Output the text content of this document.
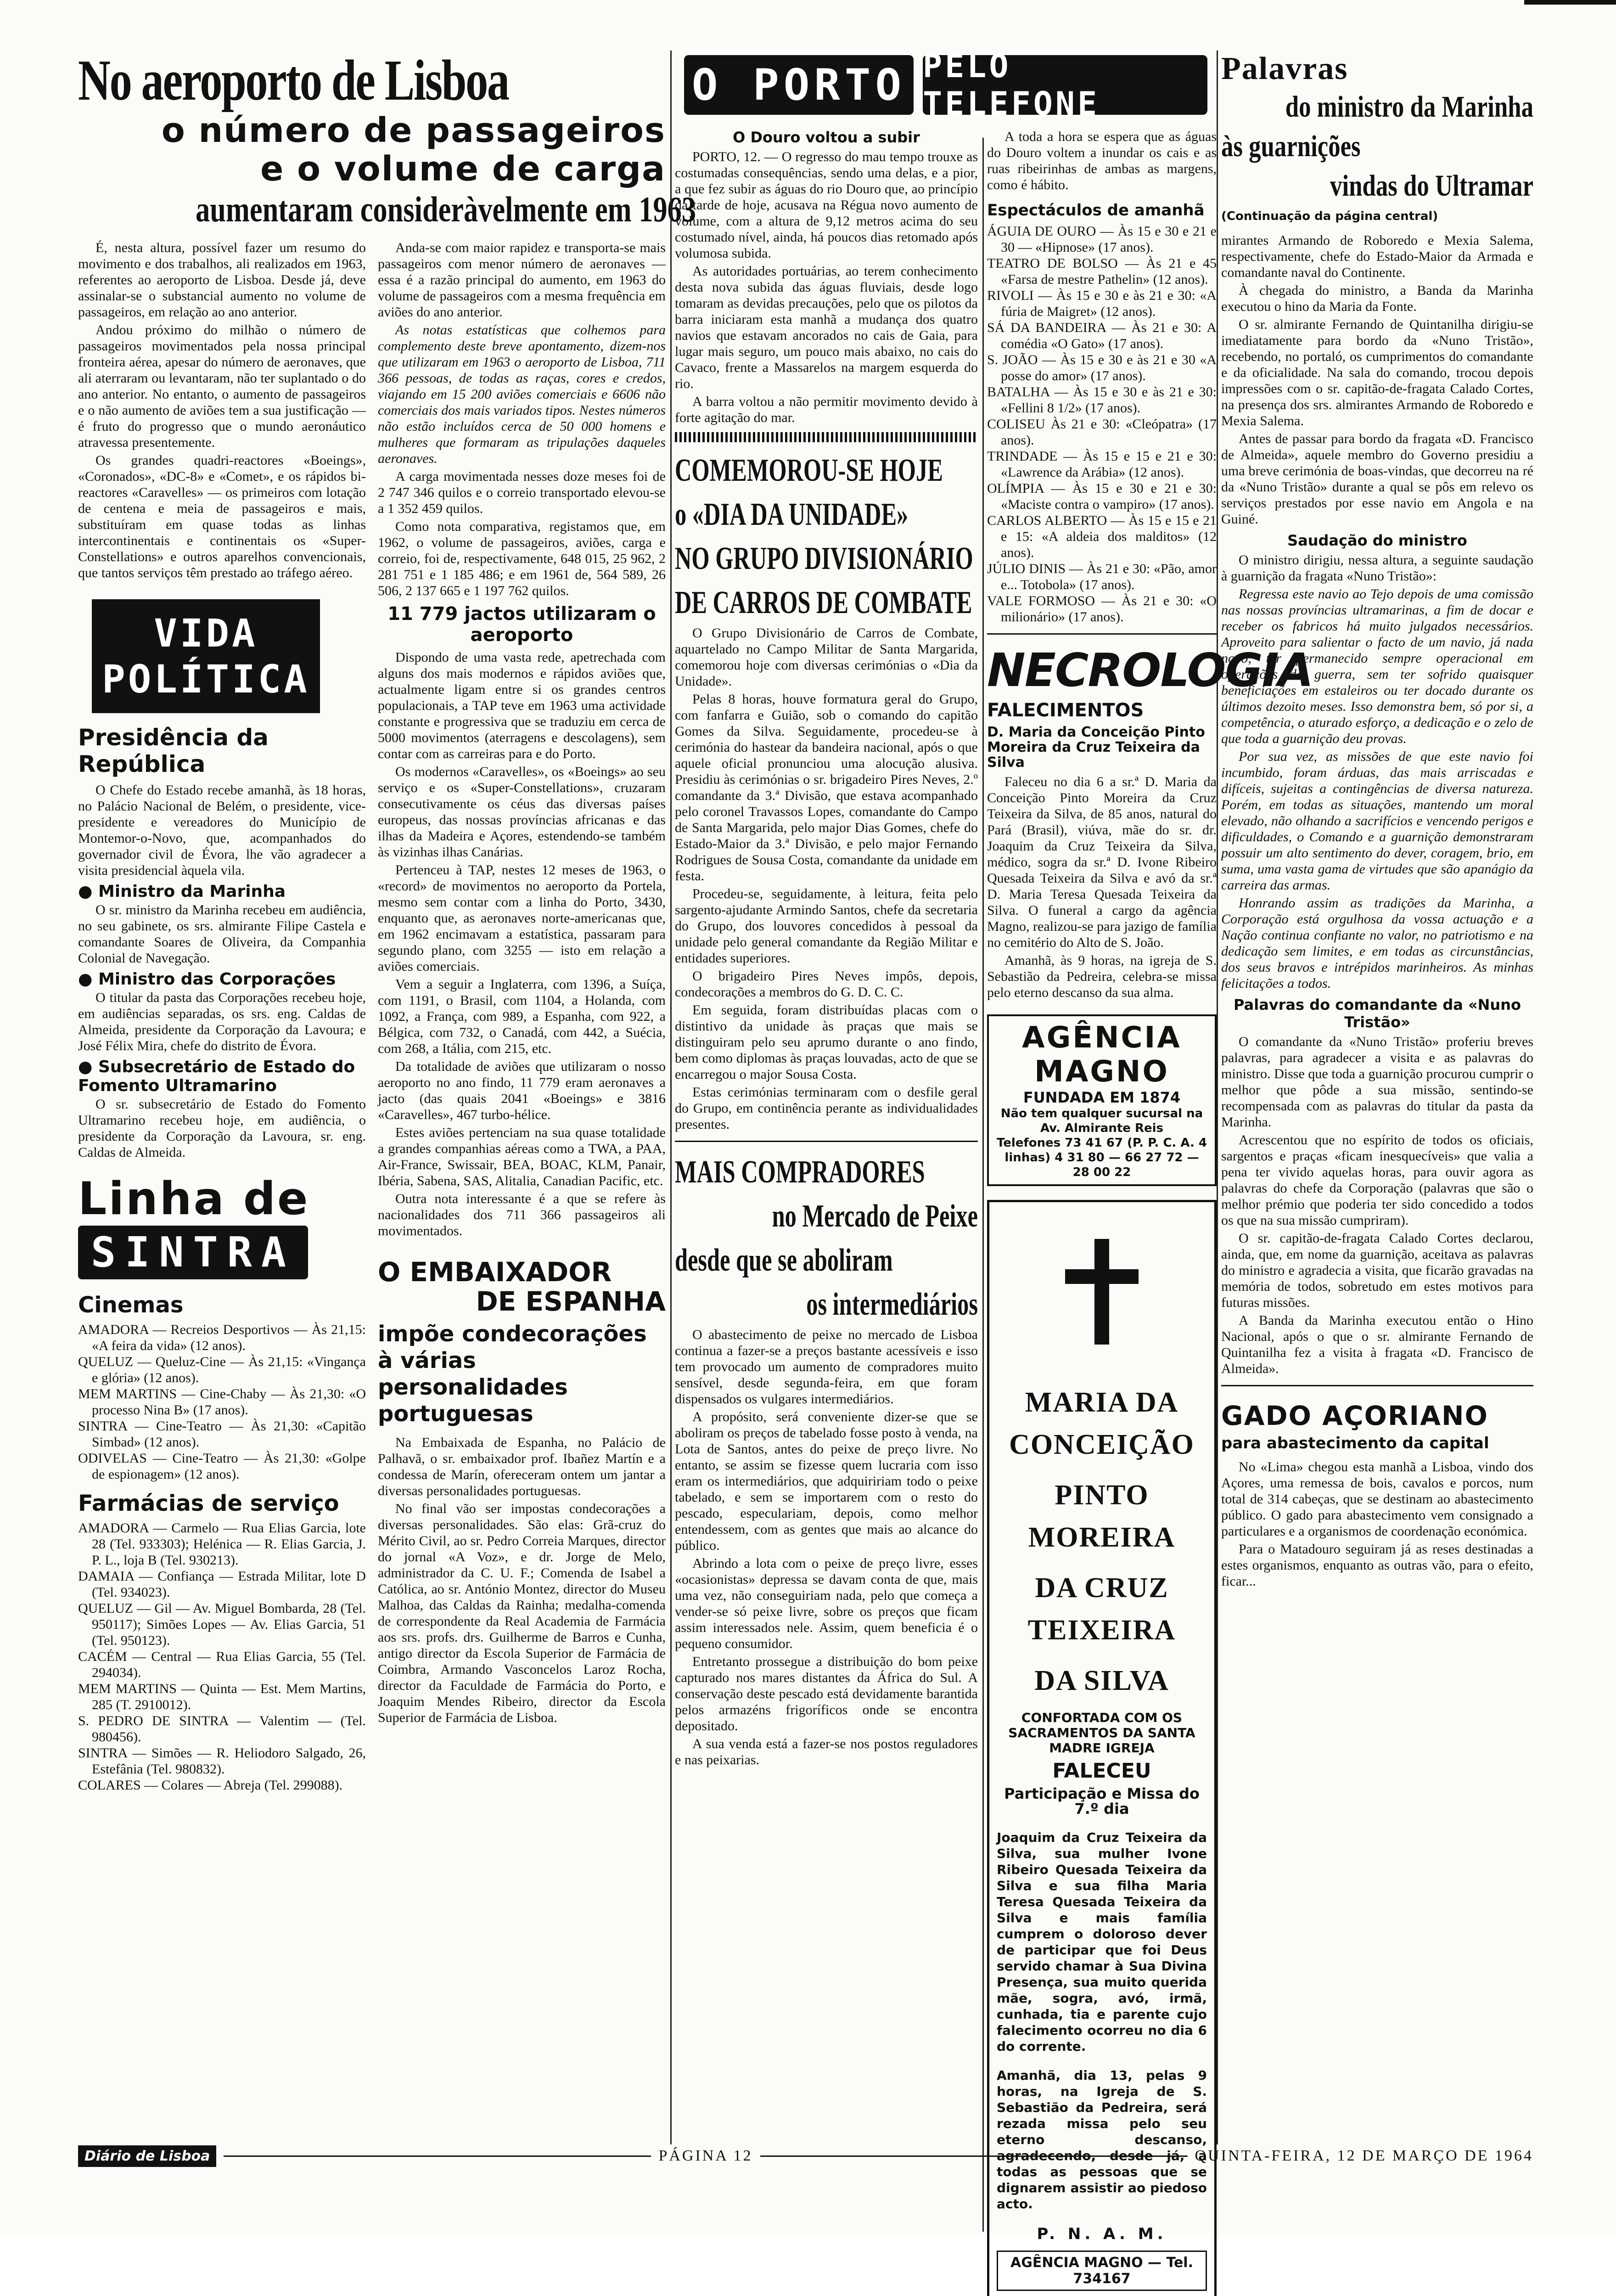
No aeroporto de Lisboa

o número de passageiros

e o volume de carga

aumentaram consideràvelmente em 1963

É, nesta altura, possível fazer um resumo do movimento e dos trabalhos, ali realizados em 1963, referentes ao aeroporto de Lisboa. Desde já, deve assinalar-se o substancial aumento no volume de passageiros, em relação ao ano anterior.

Andou próximo do milhão o número de passageiros movimentados pela nossa principal fronteira aérea, apesar do número de aeronaves, que ali aterraram ou levantaram, não ter suplantado o do ano anterior. No entanto, o aumento de passageiros e o não aumento de aviões tem a sua justificação — é fruto do progresso que o mundo aeronáutico atravessa presentemente.

Os grandes quadri-reactores «Boeings», «Coronados», «DC-8» e «Comet», e os rápidos bi-reactores «Caravelles» — os primeiros com lotação de centena e meia de passageiros e mais, substituíram em quase todas as linhas intercontinentais e continentais os «Super-Constellations» e outros aparelhos convencionais, que tantos serviços têm prestado ao tráfego aéreo.

VIDA
POLÍTICA
Presidência da República

O Chefe do Estado recebe amanhã, às 18 horas, no Palácio Nacional de Belém, o presidente, vice-presidente e vereadores do Município de Montemor-o-Novo, que, acompanhados do governador civil de Évora, lhe vão agradecer a visita presidencial àquela vila.

● Ministro da Marinha

O sr. ministro da Marinha recebeu em audiência, no seu gabinete, os srs. almirante Filipe Castela e comandante Soares de Oliveira, da Companhia Colonial de Navegação.

● Ministro das Corporações

O titular da pasta das Corporações recebeu hoje, em audiências separadas, os srs. eng. Caldas de Almeida, presidente da Corporação da Lavoura; e José Félix Mira, chefe do distrito de Évora.

● Subsecretário de Estado do Fomento Ultramarino

O sr. subsecretário de Estado do Fomento Ultramarino recebeu hoje, em audiência, o presidente da Corporação da Lavoura, sr. eng. Caldas de Almeida.

Linha de
SINTRA
Cinemas

AMADORA — Recreios Desportivos — Às 21,15: «A feira da vida» (12 anos).

QUELUZ — Queluz-Cine — Às 21,15: «Vingança e glória» (12 anos).

MEM MARTINS — Cine-Chaby — Às 21,30: «O processo Nina B» (17 anos).

SINTRA — Cine-Teatro — Às 21,30: «Capitão Simbad» (12 anos).

ODIVELAS — Cine-Teatro — Às 21,30: «Golpe de espionagem» (12 anos).

Farmácias de serviço

AMADORA — Carmelo — Rua Elias Garcia, lote 28 (Tel. 933303); Helénica — R. Elias Garcia, J. P. L., loja B (Tel. 930213).

DAMAIA — Confiança — Estrada Militar, lote D (Tel. 934023).

QUELUZ — Gil — Av. Miguel Bombarda, 28 (Tel. 950117); Simões Lopes — Av. Elias Garcia, 51 (Tel. 950123).

CACÉM — Central — Rua Elias Garcia, 55 (Tel. 294034).

MEM MARTINS — Quinta — Est. Mem Martins, 285 (T. 2910012).

S. PEDRO DE SINTRA — Valentim — (Tel. 980456).

SINTRA — Simões — R. Heliodoro Salgado, 26, Estefânia (Tel. 980832).

COLARES — Colares — Abreja (Tel. 299088).

Anda-se com maior rapidez e transporta-se mais passageiros com menor número de aeronaves — essa é a razão principal do aumento, em 1963 do volume de passageiros com a mesma frequência em aviões do ano anterior.

As notas estatísticas que colhemos para complemento deste breve apontamento, dizem-nos que utilizaram em 1963 o aeroporto de Lisboa, 711 366 pessoas, de todas as raças, cores e credos, viajando em 15 200 aviões comerciais e 6606 não comerciais dos mais variados tipos. Nestes números não estão incluídos cerca de 50 000 homens e mulheres que formaram as tripulações daqueles aeronaves.

A carga movimentada nesses doze meses foi de 2 747 346 quilos e o correio transportado elevou-se a 1 352 459 quilos.

Como nota comparativa, registamos que, em 1962, o volume de passageiros, aviões, carga e correio, foi de, respectivamente, 648 015, 25 962, 2 281 751 e 1 185 486; e em 1961 de, 564 589, 26 506, 2 137 665 e 1 197 762 quilos.

11 779 jactos utilizaram o aeroporto

Dispondo de uma vasta rede, apetrechada com alguns dos mais modernos e rápidos aviões que, actualmente ligam entre si os grandes centros populacionais, a TAP teve em 1963 uma actividade constante e progressiva que se traduziu em cerca de 5000 movimentos (aterragens e descolagens), sem contar com as carreiras para e do Porto.

Os modernos «Caravelles», os «Boeings» ao seu serviço e os «Super-Constellations», cruzaram consecutivamente os céus das diversas países europeus, das nossas províncias africanas e das ilhas da Madeira e Açores, estendendo-se também às vizinhas ilhas Canárias.

Pertenceu à TAP, nestes 12 meses de 1963, o «record» de movimentos no aeroporto da Portela, mesmo sem contar com a linha do Porto, 3430, enquanto que, as aeronaves norte-americanas que, em 1962 encimavam a estatística, passaram para segundo plano, com 3255 — isto em relação a aviões comerciais.

Vem a seguir a Inglaterra, com 1396, a Suíça, com 1191, o Brasil, com 1104, a Holanda, com 1092, a França, com 989, a Espanha, com 922, a Bélgica, com 732, o Canadá, com 442, a Suécia, com 268, a Itália, com 215, etc.

Da totalidade de aviões que utilizaram o nosso aeroporto no ano findo, 11 779 eram aeronaves a jacto (das quais 2041 «Boeings» e 3816 «Caravelles», 467 turbo-hélice.

Estes aviões pertenciam na sua quase totalidade a grandes companhias aéreas como a TWA, a PAA, Air-France, Swissair, BEA, BOAC, KLM, Panair, Ibéria, Sabena, SAS, Alitalia, Canadian Pacific, etc.

Outra nota interessante é a que se refere às nacionalidades dos 711 366 passageiros ali movimentados.

O EMBAIXADOR
DE ESPANHA
impõe condecorações à várias personalidades portuguesas

Na Embaixada de Espanha, no Palácio de Palhavã, o sr. embaixador prof. Ibañez Martín e a condessa de Marín, ofereceram ontem um jantar a diversas personalidades portuguesas.

No final vão ser impostas condecorações a diversas personalidades. São elas: Grã-cruz do Mérito Civil, ao sr. Pedro Correia Marques, director do jornal «A Voz», e dr. Jorge de Melo, administrador da C. U. F.; Comenda de Isabel a Católica, ao sr. António Montez, director do Museu Malhoa, das Caldas da Rainha; medalha-comenda de correspondente da Real Academia de Farmácia aos srs. profs. drs. Guilherme de Barros e Cunha, antigo director da Escola Superior de Farmácia de Coimbra, Armando Vasconcelos Laroz Rocha, director da Faculdade de Farmácia do Porto, e Joaquim Mendes Ribeiro, director da Escola Superior de Farmácia de Lisboa.

O PORTO PELO TELEFONE
O Douro voltou a subir

PORTO, 12. — O regresso do mau tempo trouxe as costumadas consequências, sendo uma delas, e a pior, a que fez subir as águas do rio Douro que, ao princípio da tarde de hoje, acusava na Régua novo aumento de volume, com a altura de 9,12 metros acima do seu costumado nível, ainda, há poucos dias retomado após volumosa subida.

As autoridades portuárias, ao terem conhecimento desta nova subida das águas fluviais, desde logo tomaram as devidas precauções, pelo que os pilotos da barra iniciaram esta manhã a mudança dos quatro navios que estavam ancorados no cais de Gaia, para lugar mais seguro, um pouco mais abaixo, no cais do Cavaco, frente a Massarelos na margem esquerda do rio.

A barra voltou a não permitir movimento devido à forte agitação do mar.

COMEMOROU-SE HOJE

o «DIA DA UNIDADE»

NO GRUPO DIVISIONÁRIO

DE CARROS DE COMBATE

O Grupo Divisionário de Carros de Combate, aquartelado no Campo Militar de Santa Margarida, comemorou hoje com diversas cerimónias o «Dia da Unidade».

Pelas 8 horas, houve formatura geral do Grupo, com fanfarra e Guião, sob o comando do capitão Gomes da Silva. Seguidamente, procedeu-se à cerimónia do hastear da bandeira nacional, após o que aquele oficial pronunciou uma alocução alusiva. Presidiu às cerimónias o sr. brigadeiro Pires Neves, 2.º comandante da 3.ª Divisão, que estava acompanhado pelo coronel Travassos Lopes, comandante do Campo de Santa Margarida, pelo major Dias Gomes, chefe do Estado-Maior da 3.ª Divisão, e pelo major Fernando Rodrigues de Sousa Costa, comandante da unidade em festa.

Procedeu-se, seguidamente, à leitura, feita pelo sargento-ajudante Armindo Santos, chefe da secretaria do Grupo, dos louvores concedidos à pessoal da unidade pelo general comandante da Região Militar e entidades superiores.

O brigadeiro Pires Neves impôs, depois, condecorações a membros do G. D. C. C.

Em seguida, foram distribuídas placas com o distintivo da unidade às praças que mais se distinguiram pelo seu aprumo durante o ano findo, bem como diplomas às praças louvadas, acto de que se encarregou o major Sousa Costa.

Estas cerimónias terminaram com o desfile geral do Grupo, em continência perante as individualidades presentes.

MAIS COMPRADORES

no Mercado de Peixe

desde que se aboliram

os intermediários

O abastecimento de peixe no mercado de Lisboa continua a fazer-se a preços bastante acessíveis e isso tem provocado um aumento de compradores muito sensível, desde segunda-feira, em que foram dispensados os vulgares intermediários.

A propósito, será conveniente dizer-se que se aboliram os preços de tabelado fosse posto à venda, na Lota de Santos, antes do peixe de preço livre. No entanto, se assim se fizesse quem lucraria com isso eram os intermediários, que adquiririam todo o peixe tabelado, e sem se importarem com o resto do pescado, especulariam, depois, como melhor entendessem, com as gentes que mais ao alcance do público.

Abrindo a lota com o peixe de preço livre, esses «ocasionistas» depressa se davam conta de que, mais uma vez, não conseguiriam nada, pelo que começa a vender-se só peixe livre, sobre os preços que ficam assim interessados nele. Assim, quem beneficia é o pequeno consumidor.

Entretanto prossegue a distribuição do bom peixe capturado nos mares distantes da África do Sul. A conservação deste pescado está devidamente barantida pelos armazéns frigoríficos onde se encontra depositado.

A sua venda está a fazer-se nos postos reguladores e nas peixarias.

A toda a hora se espera que as águas do Douro voltem a inundar os cais e as ruas ribeirinhas de ambas as margens, como é hábito.

Espectáculos de amanhã

ÁGUIA DE OURO — Às 15 e 30 e 21 e 30 — «Hipnose» (17 anos).

TEATRO DE BOLSO — Às 21 e 45 «Farsa de mestre Pathelin» (12 anos).

RIVOLI — Às 15 e 30 e às 21 e 30: «A fúria de Maigret» (12 anos).

SÁ DA BANDEIRA — Às 21 e 30: A comédia «O Gato» (17 anos).

S. JOÃO — Às 15 e 30 e às 21 e 30 «A posse do amor» (17 anos).

BATALHA — Às 15 e 30 e às 21 e 30: «Fellini 8 1/2» (17 anos).

COLISEU Às 21 e 30: «Cleópatra» (17 anos).

TRINDADE — Às 15 e 15 e 21 e 30: «Lawrence da Arábia» (12 anos).

OLÍMPIA — Às 15 e 30 e 21 e 30: «Maciste contra o vampiro» (17 anos).

CARLOS ALBERTO — Às 15 e 15 e 21 e 15: «A aldeia dos malditos» (12 anos).

JÚLIO DINIS — Às 21 e 30: «Pão, amor e... Totobola» (17 anos).

VALE FORMOSO — Às 21 e 30: «O milionário» (17 anos).

NECROLOGIA
FALECIMENTOS
D. Maria da Conceição Pinto Moreira da Cruz Teixeira da Silva

Faleceu no dia 6 a sr.ª D. Maria da Conceição Pinto Moreira da Cruz Teixeira da Silva, de 85 anos, natural do Pará (Brasil), viúva, mãe do sr. dr. Joaquim da Cruz Teixeira da Silva, médico, sogra da sr.ª D. Ivone Ribeiro Quesada Teixeira da Silva e avó da sr.ª D. Maria Teresa Quesada Teixeira da Silva. O funeral a cargo da agência Magno, realizou-se para jazigo de família no cemitério do Alto de S. João.

Amanhã, às 9 horas, na igreja de S. Sebastião da Pedreira, celebra-se missa pelo eterno descanso da sua alma.

AGÊNCIA MAGNO
FUNDADA EM 1874
Não tem qualquer sucursal na Av. Almirante Reis
Telefones 73 41 67 (P. P. C. A. 4 linhas) 4 31 80 — 66 27 72 — 28 00 22

MARIA DA CONCEIÇÃO

PINTO MOREIRA

DA CRUZ TEIXEIRA

DA SILVA

CONFORTADA COM OS SACRAMENTOS DA SANTA MADRE IGREJA
FALECEU
Participação e Missa do 7.º dia

Joaquim da Cruz Teixeira da Silva, sua mulher Ivone Ribeiro Quesada Teixeira da Silva e sua filha Maria Teresa Quesada Teixeira da Silva e mais família cumprem o doloroso dever de participar que foi Deus servido chamar à Sua Divina Presença, sua muito querida mãe, sogra, avó, irmã, cunhada, tia e parente cujo falecimento ocorreu no dia 6 do corrente.

Amanhã, dia 13, pelas 9 horas, na Igreja de S. Sebastião da Pedreira, será rezada missa pelo seu eterno descanso, agradecendo, desde já, a todas as pessoas que se dignarem assistir ao piedoso acto.

P. N. A. M.
AGÊNCIA MAGNO — Tel. 734167

Palavras

do ministro da Marinha

às guarnições

vindas do Ultramar

(Continuação da página central)

mirantes Armando de Roboredo e Mexia Salema, respectivamente, chefe do Estado-Maior da Armada e comandante naval do Continente.

À chegada do ministro, a Banda da Marinha executou o hino da Maria da Fonte.

O sr. almirante Fernando de Quintanilha dirigiu-se imediatamente para bordo da «Nuno Tristão», recebendo, no portaló, os cumprimentos do comandante e da oficialidade. Na sala do comando, trocou depois impressões com o sr. capitão-de-fragata Calado Cortes, na presença dos srs. almirantes Armando de Roboredo e Mexia Salema.

Antes de passar para bordo da fragata «D. Francisco de Almeida», aquele membro do Governo presidiu a uma breve cerimónia de boas-vindas, que decorreu na ré da «Nuno Tristão» durante a qual se pôs em relevo os serviços prestados por esse navio em Angola e na Guiné.

Saudação do ministro

O ministro dirigiu, nessa altura, a seguinte saudação à guarnição da fragata «Nuno Tristão»:

Regressa este navio ao Tejo depois de uma comissão nas nossas províncias ultramarinas, a fim de docar e receber os fabricos há muito julgados necessários. Aproveito para salientar o facto de um navio, já nada novo, ter permanecido sempre operacional em operações de guerra, sem ter sofrido quaisquer beneficiações em estaleiros ou ter docado durante os últimos dezoito meses. Isso demonstra bem, só por si, a competência, o aturado esforço, a dedicação e o zelo de que toda a guarnição deu provas.

Por sua vez, as missões de que este navio foi incumbido, foram árduas, das mais arriscadas e difíceis, sujeitas a contingências de diversa natureza. Porém, em todas as situações, mantendo um moral elevado, não olhando a sacrifícios e vencendo perigos e dificuldades, o Comando e a guarnição demonstraram possuir um alto sentimento do dever, coragem, brio, em suma, uma vasta gama de virtudes que são apanágio da carreira das armas.

Honrando assim as tradições da Marinha, a Corporação está orgulhosa da vossa actuação e a Nação continua confiante no valor, no patriotismo e na dedicação sem limites, e em todas as circunstâncias, dos seus bravos e intrépidos marinheiros. As minhas felicitações a todos.

Palavras do comandante da «Nuno Tristão»

O comandante da «Nuno Tristão» proferiu breves palavras, para agradecer a visita e as palavras do ministro. Disse que toda a guarnição procurou cumprir o melhor que pôde a sua missão, sentindo-se recompensada com as palavras do titular da pasta da Marinha.

Acrescentou que no espírito de todos os oficiais, sargentos e praças «ficam inesquecíveis» que valia a pena ter vivido aquelas horas, para ouvir agora as palavras do chefe da Corporação (palavras que são o melhor prémio que poderia ter sido concedido a todos os que na sua missão cumpriram).

O sr. capitão-de-fragata Calado Cortes declarou, ainda, que, em nome da guarnição, aceitava as palavras do ministro e agradecia a visita, que ficarão gravadas na memória de todos, sobretudo em estes motivos para futuras missões.

A Banda da Marinha executou então o Hino Nacional, após o que o sr. almirante Fernando de Quintanilha fez a visita à fragata «D. Francisco de Almeida».

GADO AÇORIANO
para abastecimento da capital

No «Lima» chegou esta manhã a Lisboa, vindo dos Açores, uma remessa de bois, cavalos e porcos, num total de 314 cabeças, que se destinam ao abastecimento público. O gado para abastecimento vem consignado a particulares e a organismos de coordenação económica.

Para o Matadouro seguiram já as reses destinadas a estes organismos, enquanto as outras vão, para o efeito, ficar...

Diário de Lisboa	PÁGINA 12	QUINTA-FEIRA, 12 DE MARÇO DE 1964
